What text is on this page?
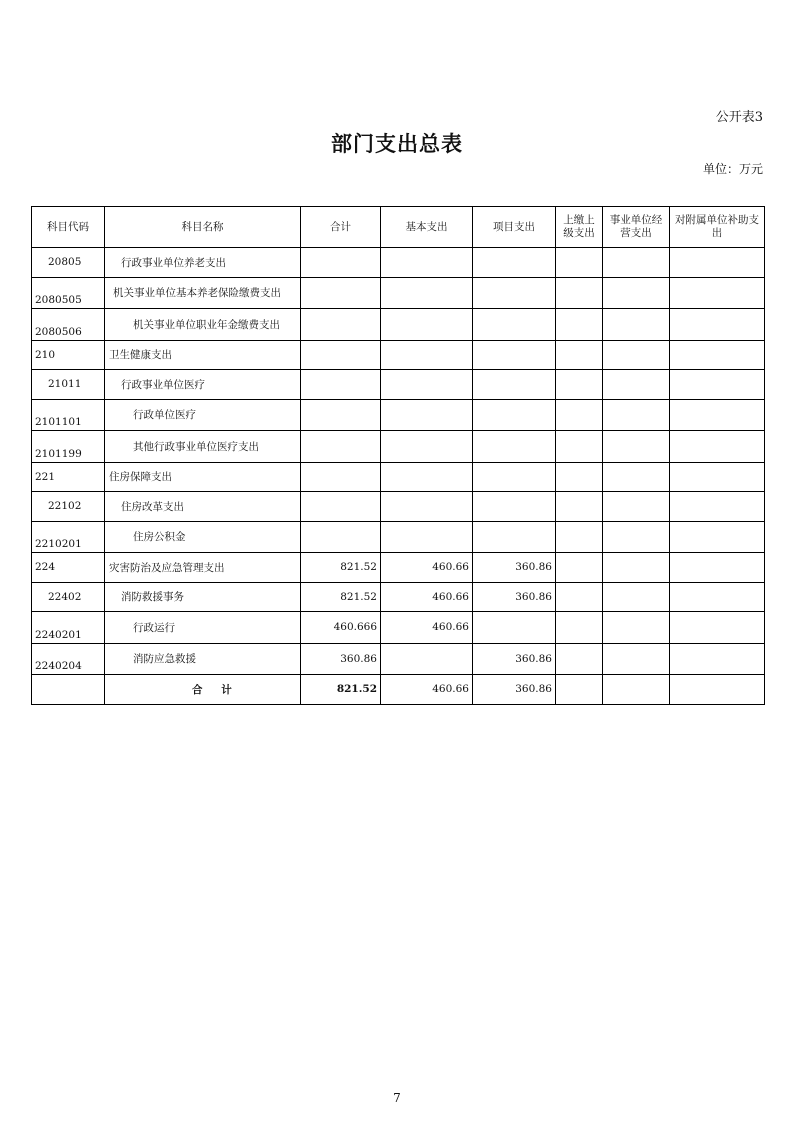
公开表3
部门支出总表
单位：万元
科目代码	科目名称	合计	基本支出	项目支出	上缴上级支出	事业单位经营支出	对附属单位补助支出
20805	行政事业单位养老支出						
2080505	机关事业单位基本养老保险缴费支出						
2080506	机关事业单位职业年金缴费支出						
210	卫生健康支出						
21011	行政事业单位医疗						
2101101	行政单位医疗						
2101199	其他行政事业单位医疗支出						
221	住房保障支出						
22102	住房改革支出						
2210201	住房公积金						
224	灾害防治及应急管理支出	821.52	460.66	360.86			
22402	消防救援事务	821.52	460.66	360.86			
2240201	行政运行	460.666	460.66				
2240204	消防应急救援	360.86		360.86			
	合 计	821.52	460.66	360.86			
7
